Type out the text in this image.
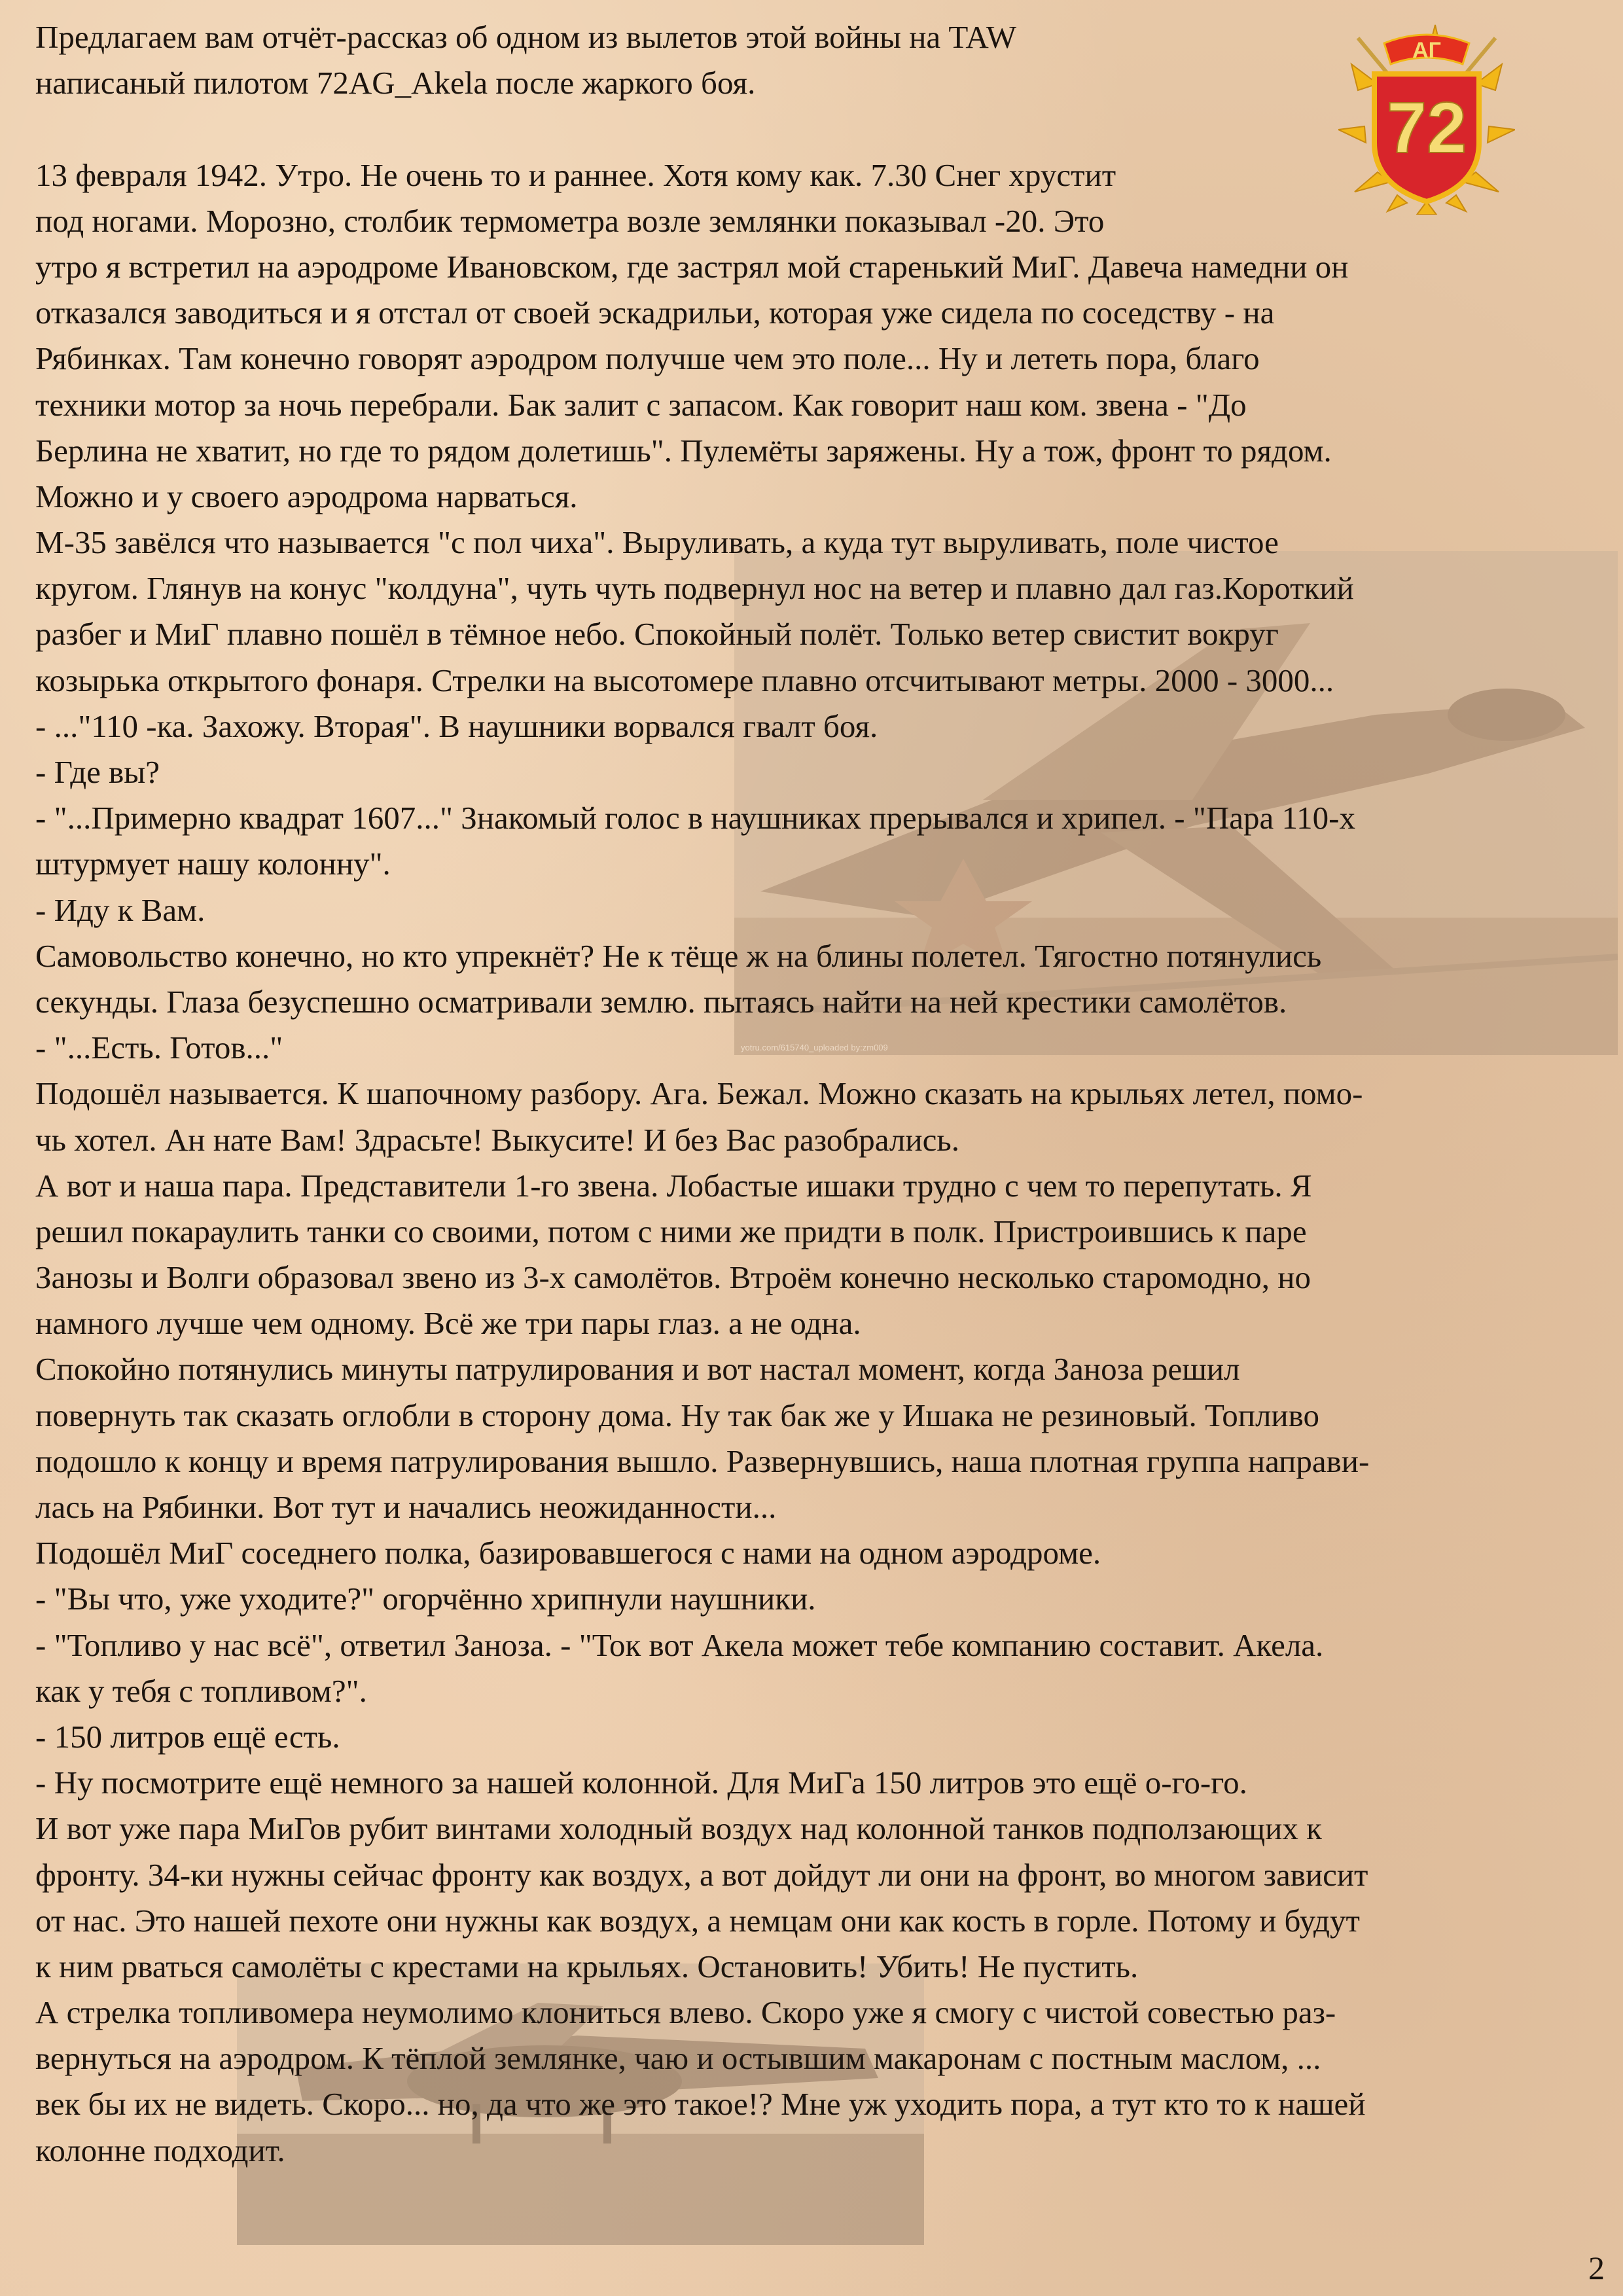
yotru.com/615740_uploaded by:zm009
АГ
72
Предлагаем вам отчёт-рассказ об одном из вылетов этой войны на TAW
написаный пилотом 72AG_Akela после жаркого боя.
13 февраля 1942. Утро. Не очень то и раннее. Хотя кому как. 7.30 Снег хрустит
под ногами. Морозно, столбик термометра возле землянки показывал -20. Это
утро я встретил на аэродроме Ивановском, где застрял мой старенький МиГ. Давеча намедни он
отказался заводиться и я отстал от своей эскадрильи, которая уже сидела по соседству - на
Рябинках. Там конечно говорят аэродром получше чем это поле... Ну и лететь пора, благо
техники мотор за ночь перебрали. Бак залит с запасом. Как говорит наш ком. звена - "До
Берлина не хватит, но где то рядом долетишь". Пулемёты заряжены. Ну а тож, фронт то рядом.
Можно и у своего аэродрома нарваться.
М-35 завёлся что называется "с пол чиха". Выруливать, а куда тут выруливать, поле чистое
кругом. Глянув на конус "колдуна", чуть чуть подвернул нос на ветер и плавно дал газ.Короткий
разбег и МиГ плавно пошёл в тёмное небо. Спокойный полёт. Только ветер свистит вокруг
козырька открытого фонаря. Стрелки на высотомере плавно отсчитывают метры. 2000 - 3000...
- ..."110 -ка. Захожу. Вторая". В наушники ворвался гвалт боя.
- Где вы?
- "...Примерно квадрат 1607..." Знакомый голос в наушниках прерывался и хрипел. - "Пара 110-х
штурмует нашу колонну".
- Иду к Вам.
Самовольство конечно, но кто упрекнёт? Не к тёще ж на блины полетел. Тягостно потянулись
секунды. Глаза безуспешно осматривали землю. пытаясь найти на ней крестики самолётов.
- "...Есть. Готов..."
Подошёл называется. К шапочному разбору. Ага. Бежал. Можно сказать на крыльях летел, помо-
чь хотел. Ан нате Вам! Здрасьте! Выкусите! И без Вас разобрались.
А вот и наша пара. Представители 1-го звена. Лобастые ишаки трудно с чем то перепутать. Я
решил покараулить танки со своими, потом с ними же придти в полк. Пристроившись к паре
Занозы и Волги образовал звено из 3-х самолётов. Втроём конечно несколько старомодно, но
намного лучше чем одному. Всё же три пары глаз. а не одна.
Спокойно потянулись минуты патрулирования и вот настал момент, когда Заноза решил
повернуть так сказать оглобли в сторону дома. Ну так бак же у Ишака не резиновый. Топливо
подошло к концу и время патрулирования вышло. Развернувшись, наша плотная группа направи-
лась на Рябинки. Вот тут и начались неожиданности...
Подошёл МиГ соседнего полка, базировавшегося с нами на одном аэродроме.
- "Вы что, уже уходите?" огорчённо хрипнули наушники.
- "Топливо у нас всё", ответил Заноза. - "Ток вот Акела может тебе компанию составит. Акела.
как у тебя с топливом?".
- 150 литров ещё есть.
- Ну посмотрите ещё немного за нашей колонной. Для МиГа 150 литров это ещё о-го-го.
И вот уже пара МиГов рубит винтами холодный воздух над колонной танков подползающих к
фронту. 34-ки нужны сейчас фронту как воздух, а вот дойдут ли они на фронт, во многом зависит
от нас. Это нашей пехоте они нужны как воздух, а немцам они как кость в горле. Потому и будут
к ним рваться самолёты с крестами на крыльях. Остановить! Убить! Не пустить.
А стрелка топливомера неумолимо клониться влево. Скоро уже я смогу с чистой совестью раз-
вернуться на аэродром. К тёплой землянке, чаю и остывшим макаронам с постным маслом, ...
век бы их не видеть. Скоро... но, да что же это такое!? Мне уж уходить пора, а тут кто то к нашей
колонне подходит.
2
